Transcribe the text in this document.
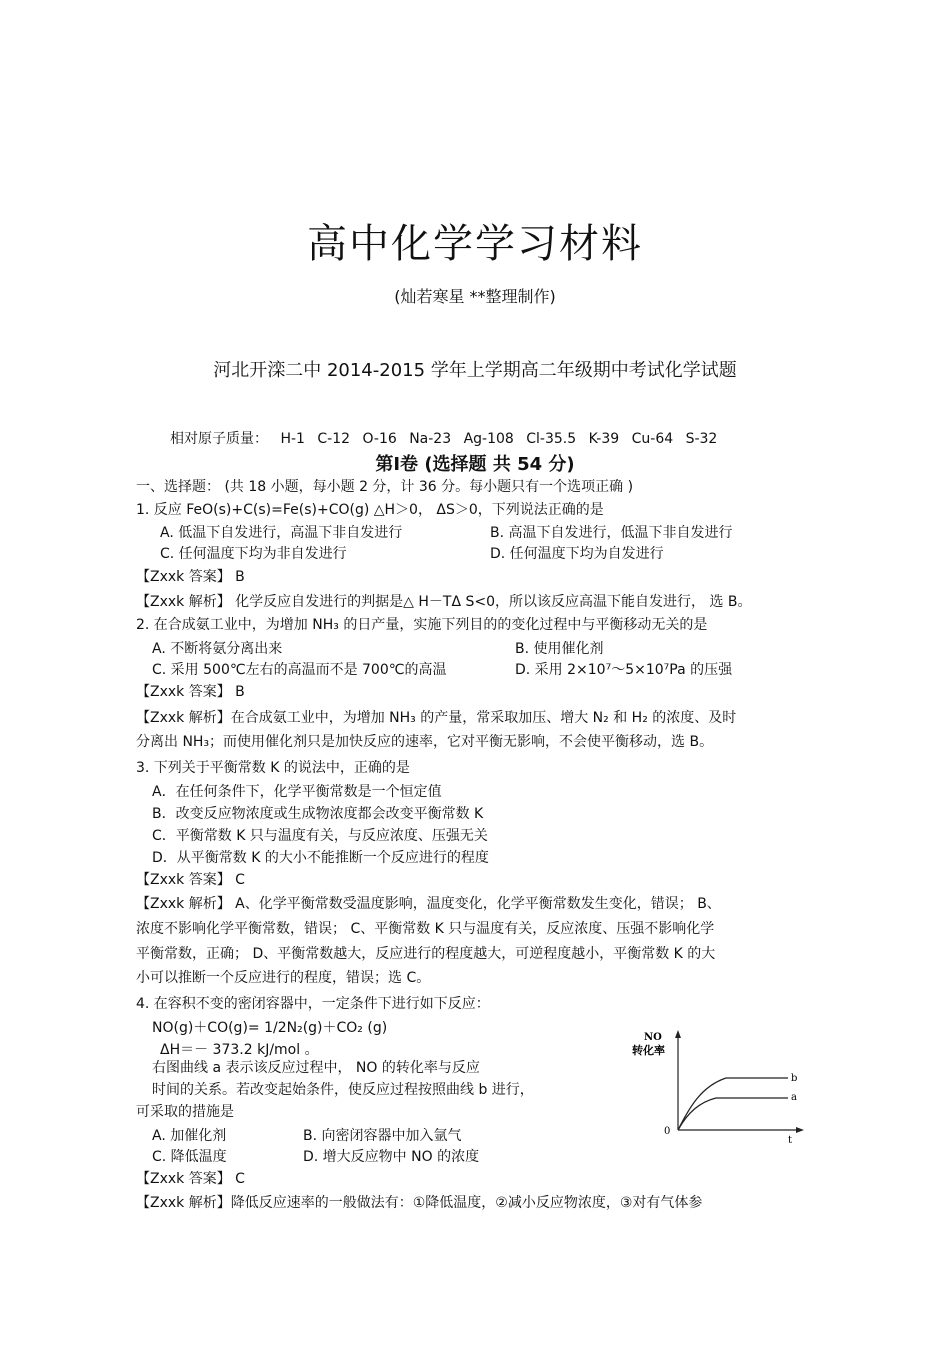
高中化学学习材料
(灿若寒星 **整理制作)
河北开滦二中 2014-2015 学年上学期高二年级期中考试化学试题
相对原子质量： H-1 C-12 O-16 Na-23 Ag-108 Cl-35.5 K-39 Cu-64 S-32
第Ⅰ卷 (选择题 共 54 分)
一、选择题： (共 18 小题，每小题 2 分，计 36 分。每小题只有一个选项正确 )
1. 反应 FeO(s)+C(s)=Fe(s)+CO(g) △H＞0， ΔS＞0，下列说法正确的是
A. 低温下自发进行，高温下非自发进行	B. 高温下自发进行，低温下非自发进行
C. 任何温度下均为非自发进行	D. 任何温度下均为自发进行
【Zxxk 答案】 B
【Zxxk 解析】 化学反应自发进行的判据是△ H－TΔ S<0，所以该反应高温下能自发进行， 选 B。
2. 在合成氨工业中，为增加 NH₃ 的日产量，实施下列目的的变化过程中与平衡移动无关的是
A. 不断将氨分离出来	B. 使用催化剂
C. 采用 500℃左右的高温而不是 700℃的高温	D. 采用 2×10⁷～5×10⁷Pa 的压强
【Zxxk 答案】 B
【Zxxk 解析】在合成氨工业中，为增加 NH₃ 的产量，常采取加压、增大 N₂ 和 H₂ 的浓度、及时
分离出 NH₃；而使用催化剂只是加快反应的速率，它对平衡无影响，不会使平衡移动，选 B。
3. 下列关于平衡常数 K 的说法中，正确的是
A．在任何条件下，化学平衡常数是一个恒定值
B．改变反应物浓度或生成物浓度都会改变平衡常数 K
C．平衡常数 K 只与温度有关，与反应浓度、压强无关
D．从平衡常数 K 的大小不能推断一个反应进行的程度
【Zxxk 答案】 C
【Zxxk 解析】 A、化学平衡常数受温度影响，温度变化，化学平衡常数发生变化，错误； B、
浓度不影响化学平衡常数，错误； C、平衡常数 K 只与温度有关，反应浓度、压强不影响化学
平衡常数，正确； D、平衡常数越大，反应进行的程度越大，可逆程度越小，平衡常数 K 的大
小可以推断一个反应进行的程度，错误；选 C。
4. 在容积不变的密闭容器中，一定条件下进行如下反应：
NO(g)＋CO(g)= 1/2N₂(g)＋CO₂ (g)
ΔH＝－ 373.2 kJ/mol 。
右图曲线 a 表示该反应过程中， NO 的转化率与反应
时间的关系。若改变起始条件，使反应过程按照曲线 b 进行，
可采取的措施是
A. 加催化剂	B. 向密闭容器中加入氩气
C. 降低温度	D. 增大反应物中 NO 的浓度
【Zxxk 答案】 C
【Zxxk 解析】降低反应速率的一般做法有：①降低温度，②减小反应物浓度，③对有气体参
NO
转化率
0
t
b
a
